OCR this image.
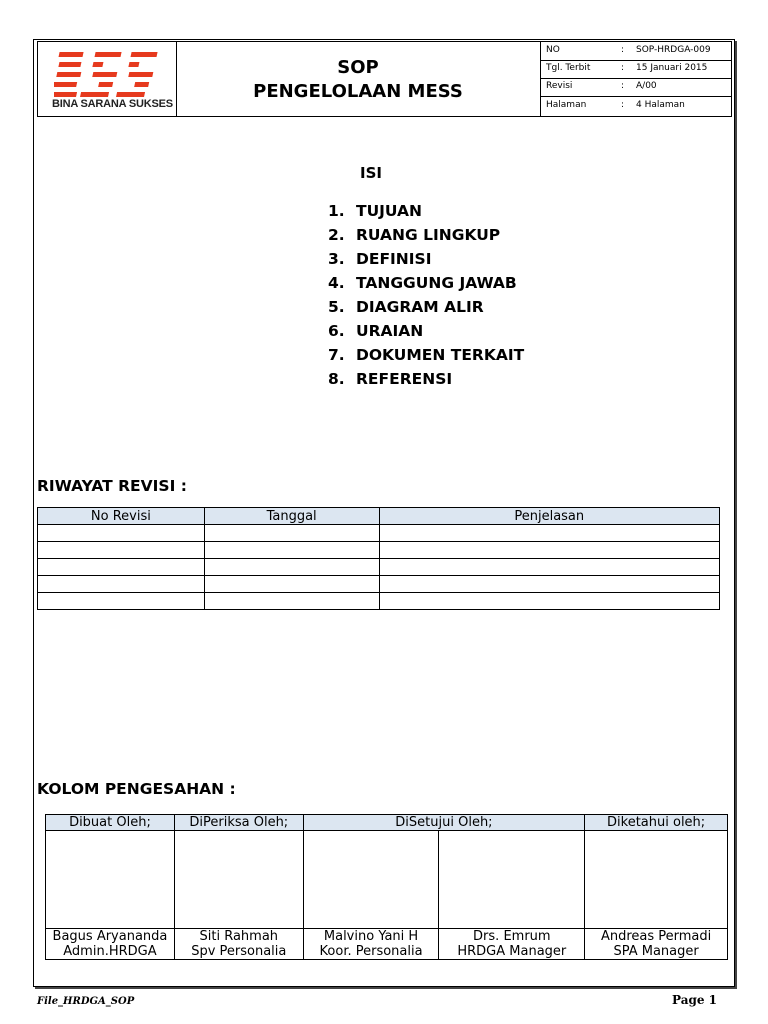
BINA SARANA SUKSES
SOP
PENGELOLAAN MESS
NO	: SOP-HRDGA-009
Tgl. Terbit	: 15 Januari 2015
Revisi	: A/00
Halaman	: 4 Halaman
ISI
1. TUJUAN
2. RUANG LINGKUP
3. DEFINISI
4. TANGGUNG JAWAB
5. DIAGRAM ALIR
6. URAIAN
7. DOKUMEN TERKAIT
8. REFERENSI
RIWAYAT REVISI :
No Revisi	Tanggal	Penjelasan

KOLOM PENGESAHAN :
Dibuat Oleh;	DiPeriksa Oleh;	DiSetujui Oleh;		Diketahui oleh;

Bagus Aryananda	Siti Rahmah	Malvino Yani H	Drs. Emrum	Andreas Permadi
Admin.HRDGA	Spv Personalia	Koor. Personalia	HRDGA Manager	SPA Manager
File_HRDGA_SOP	Page 1
